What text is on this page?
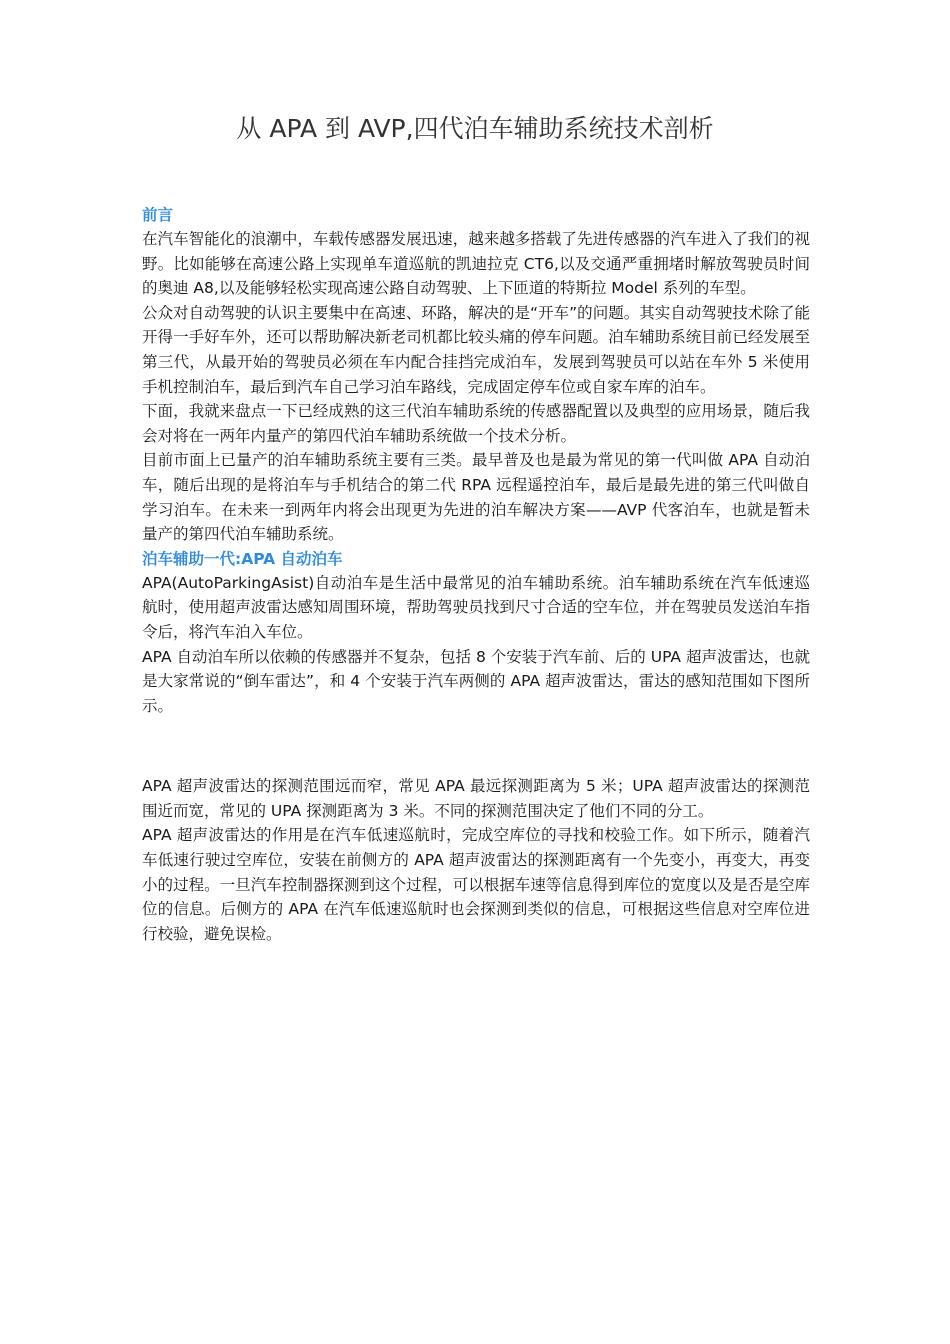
从 APA 到 AVP,四代泊车辅助系统技术剖析
前言

在汽车智能化的浪潮中，车载传感器发展迅速，越来越多搭载了先进传感器的汽车进入了我们的视野。比如能够在高速公路上实现单车道巡航的凯迪拉克 CT6,以及交通严重拥堵时解放驾驶员时间的奥迪 A8,以及能够轻松实现高速公路自动驾驶、上下匝道的特斯拉 Model 系列的车型。

公众对自动驾驶的认识主要集中在高速、环路，解决的是“开车”的问题。其实自动驾驶技术除了能开得一手好车外，还可以帮助解决新老司机都比较头痛的停车问题。泊车辅助系统目前已经发展至第三代，从最开始的驾驶员必须在车内配合挂挡完成泊车，发展到驾驶员可以站在车外 5 米使用手机控制泊车，最后到汽车自己学习泊车路线，完成固定停车位或自家车库的泊车。

下面，我就来盘点一下已经成熟的这三代泊车辅助系统的传感器配置以及典型的应用场景，随后我会对将在一两年内量产的第四代泊车辅助系统做一个技术分析。

目前市面上已量产的泊车辅助系统主要有三类。最早普及也是最为常见的第一代叫做 APA 自动泊车，随后出现的是将泊车与手机结合的第二代 RPA 远程遥控泊车，最后是最先进的第三代叫做自学习泊车。在未来一到两年内将会出现更为先进的泊车解决方案——AVP 代客泊车，也就是暂未量产的第四代泊车辅助系统。

泊车辅助一代:APA 自动泊车

APA(AutoParkingAsist)自动泊车是生活中最常见的泊车辅助系统。泊车辅助系统在汽车低速巡航时，使用超声波雷达感知周围环境，帮助驾驶员找到尺寸合适的空车位，并在驾驶员发送泊车指令后，将汽车泊入车位。

APA 自动泊车所以依赖的传感器并不复杂，包括 8 个安装于汽车前、后的 UPA 超声波雷达，也就是大家常说的“倒车雷达”，和 4 个安装于汽车两侧的 APA 超声波雷达，雷达的感知范围如下图所示。

APA 超声波雷达的探测范围远而窄，常见 APA 最远探测距离为 5 米；UPA 超声波雷达的探测范围近而宽，常见的 UPA 探测距离为 3 米。不同的探测范围决定了他们不同的分工。

APA 超声波雷达的作用是在汽车低速巡航时，完成空库位的寻找和校验工作。如下所示，随着汽车低速行驶过空库位，安装在前侧方的 APA 超声波雷达的探测距离有一个先变小，再变大，再变小的过程。一旦汽车控制器探测到这个过程，可以根据车速等信息得到库位的宽度以及是否是空库位的信息。后侧方的 APA 在汽车低速巡航时也会探测到类似的信息，可根据这些信息对空库位进行校验，避免误检。
